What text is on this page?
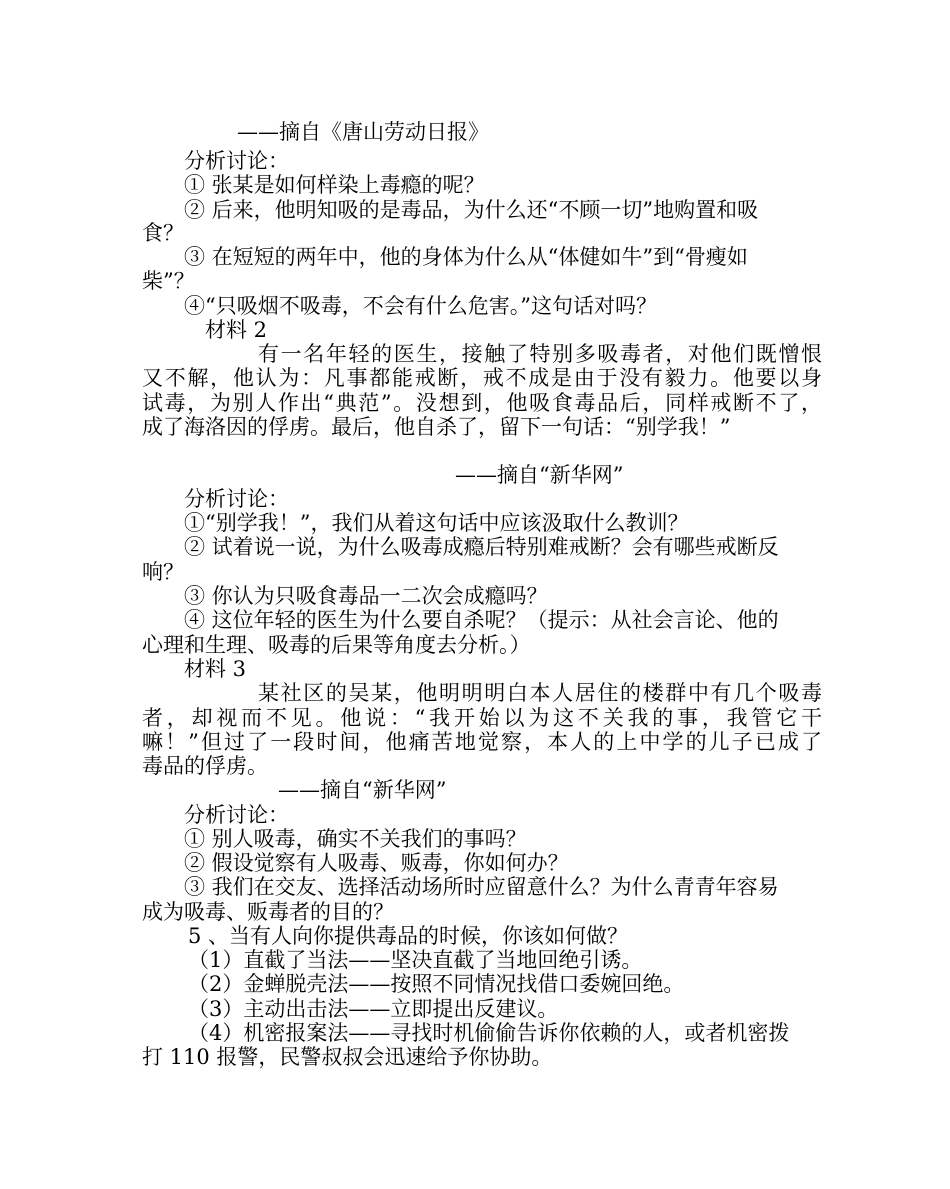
——摘自《唐山劳动日报》
分析讨论：
① 张某是如何样染上毒瘾的呢？
② 后来，他明知吸的是毒品，为什么还“不顾一切”地购置和吸
食？
③ 在短短的两年中，他的身体为什么从“体健如牛”到“骨瘦如
柴”？
④“只吸烟不吸毒，不会有什么危害。”这句话对吗？
材料 2
有一名年轻的医生，接触了特别多吸毒者，对他们既憎恨
又不解，他认为：凡事都能戒断，戒不成是由于没有毅力。他要以身
试毒，为别人作出“典范”。没想到，他吸食毒品后，同样戒断不了，
成了海洛因的俘虏。最后，他自杀了，留下一句话：“别学我！”
——摘自“新华网”
分析讨论：
①“别学我！”，我们从着这句话中应该汲取什么教训？
② 试着说一说，为什么吸毒成瘾后特别难戒断？会有哪些戒断反
响？
③ 你认为只吸食毒品一二次会成瘾吗？
④ 这位年轻的医生为什么要自杀呢？（提示：从社会言论、他的
心理和生理、吸毒的后果等角度去分析。）
材料 3
某社区的吴某，他明明明白本人居住的楼群中有几个吸毒
者，却视而不见。他说：“我开始以为这不关我的事，我管它干
嘛！”但过了一段时间，他痛苦地觉察，本人的上中学的儿子已成了
毒品的俘虏。
——摘自“新华网”
分析讨论：
① 别人吸毒，确实不关我们的事吗？
② 假设觉察有人吸毒、贩毒，你如何办？
③ 我们在交友、选择活动场所时应留意什么？为什么青青年容易
成为吸毒、贩毒者的目的？
5 、当有人向你提供毒品的时候，你该如何做？
（1）直截了当法——坚决直截了当地回绝引诱。
（2）金蝉脱壳法——按照不同情况找借口委婉回绝。
（3）主动出击法——立即提出反建议。
（4）机密报案法——寻找时机偷偷告诉你依赖的人，或者机密拨
打 110 报警，民警叔叔会迅速给予你协助。
